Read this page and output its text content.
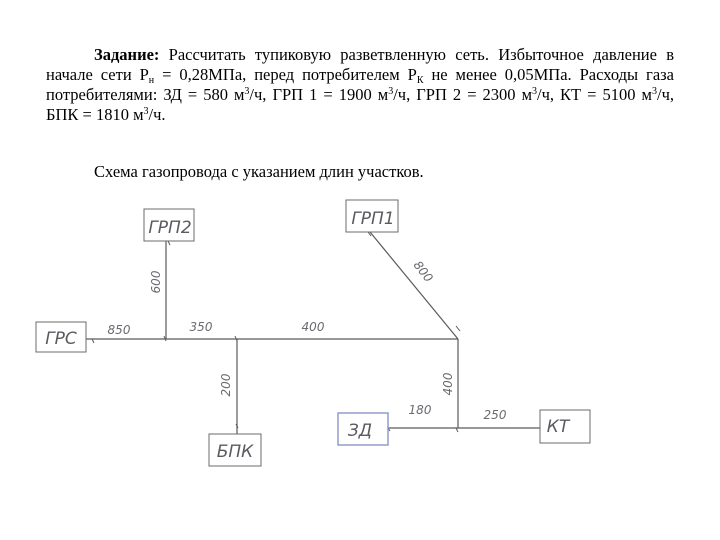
Задание: Рассчитать тупиковую разветвленную сеть. Избыточное давление в начале сети $Р_н = 0,28МПа$, перед потребителем $Р_К$ не менее 0,05МПа. Расходы газа потребителями: ЗД = 580 $м^3/ч$, ГРП 1 = 1900 $м^3/ч$, ГРП 2 = 2300 $м^3/ч$, КТ = 5100 $м^3/ч$, БПК = 1810 $м^3/ч$.

Схема газопровода с указанием длин участков.

ГРС
ГРП2	ГРП1
БПК
ЗД	КТ
850
600
350	400
800
200	400
180	250
